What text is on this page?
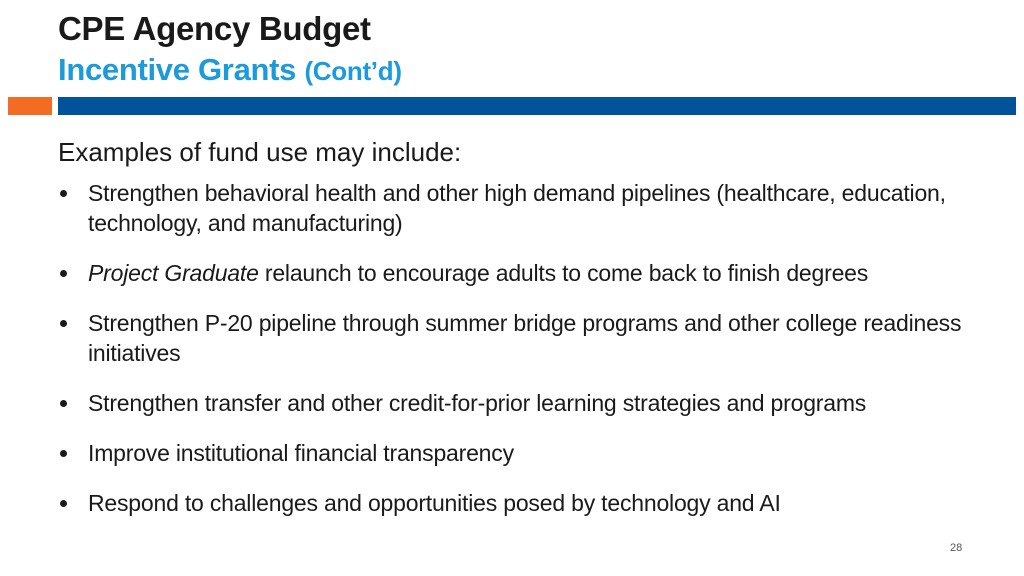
CPE Agency Budget
Incentive Grants (Cont’d)

Examples of fund use may include:

Strengthen behavioral health and other high demand pipelines (healthcare, education, technology, and manufacturing)
Project Graduate relaunch to encourage adults to come back to finish degrees
Strengthen P-20 pipeline through summer bridge programs and other college readiness initiatives
Strengthen transfer and other credit-for-prior learning strategies and programs
Improve institutional financial transparency
Respond to challenges and opportunities posed by technology and AI
28
